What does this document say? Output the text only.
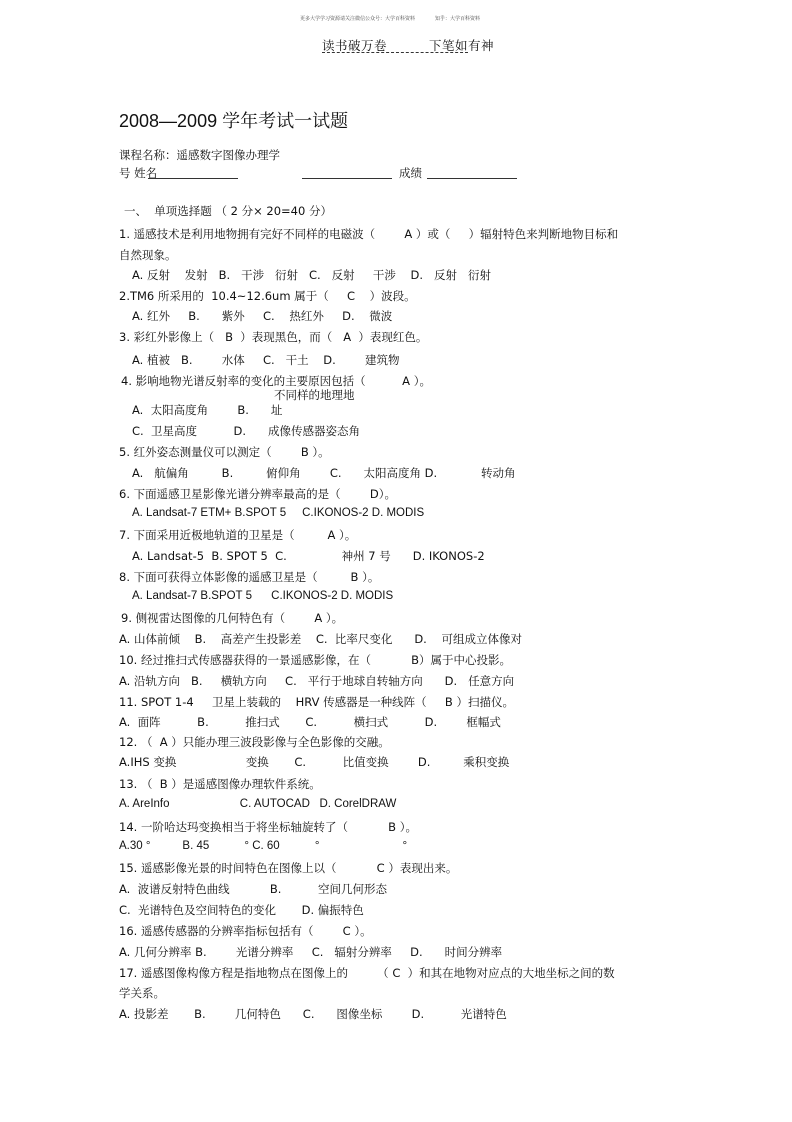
更多大学学习资源请关注微信公众号：大学百科资料	知乎：大学百科资料
读书破万卷	下笔如有神
2008—2009 学年考试一试题
课程名称：遥感数字图像办理学
号 姓名	成绩
一、  单项选择题 （ 2 分× 20=40 分）
1. 遥感技术是利用地物拥有完好不同样的电磁波（        A ）或（     ）辐射特色来判断地物目标和
自然现象。
A. 反射    发射   B.   干涉   衍射   C.   反射     干涉    D.   反射   衍射
2.TM6 所采用的  10.4~12.6um 属于（     C    ）波段。
A. 红外     B.      紫外     C.    热红外     D.    微波
3. 彩红外影像上（   B  ）表现黑色，而（   A  ）表现红色。
A. 植被   B.        水体     C.   干土    D.        建筑物
4. 影响地物光谱反射率的变化的主要原因包括（          A ）。
不同样的地理地
A.  太阳高度角        B.      址
C.  卫星高度          D.      成像传感器姿态角
5. 红外姿态测量仪可以测定（        B ）。
A.   航偏角         B.         俯仰角        C.      太阳高度角 D.            转动角
6. 下面遥感卫星影像光谱分辨率最高的是（        D）。
A. Landsat-7 ETM+ B.SPOT 5     C.IKONOS-2 D. MODIS
7. 下面采用近极地轨道的卫星是（         A ）。
A. Landsat-5  B. SPOT 5  C.               神州 7 号      D. IKONOS-2
8. 下面可获得立体影像的遥感卫星是（         B ）。
A. Landsat-7 B.SPOT 5      C.IKONOS-2 D. MODIS
9. 侧视雷达图像的几何特色有（        A ）。
A. 山体前倾    B.    高差产生投影差    C.  比率尺变化      D.    可组成立体像对
10. 经过推扫式传感器获得的一景遥感影像，在（           B）属于中心投影。
A. 沿轨方向   B.     横轨方向     C.   平行于地球自转轴方向      D.   任意方向
11. SPOT 1-4     卫星上装载的    HRV 传感器是一种线阵（     B ）扫描仪。
A.  面阵          B.          推扫式       C.          横扫式          D.        框幅式
12. （  A ）只能办理三波段影像与全色影像的交融。
A.IHS 变换                   变换       C.          比值变换        D.         乘积变换
13. （  B ）是遥感图像办理软件系统。
A. AreInfo                      C. AUTOCAD   D. CorelDRAW
14. 一阶哈达玛变换相当于将坐标轴旋转了（           B ）。
A.30 °          B. 45           ° C. 60           °                          °
15. 遥感影像光景的时间特色在图像上以（           C ）表现出来。
A.  波谱反射特色曲线           B.          空间几何形态
C.  光谱特色及空间特色的变化       D. 偏振特色
16. 遥感传感器的分辨率指标包括有（        C ）。
A. 几何分辨率 B.        光谱分辨率     C.   辐射分辨率     D.      时间分辨率
17. 遥感图像构像方程是指地物点在图像上的        （ C  ）和其在地物对应点的大地坐标之间的数
学关系。
A. 投影差       B.        几何特色      C.      图像坐标        D.          光谱特色
